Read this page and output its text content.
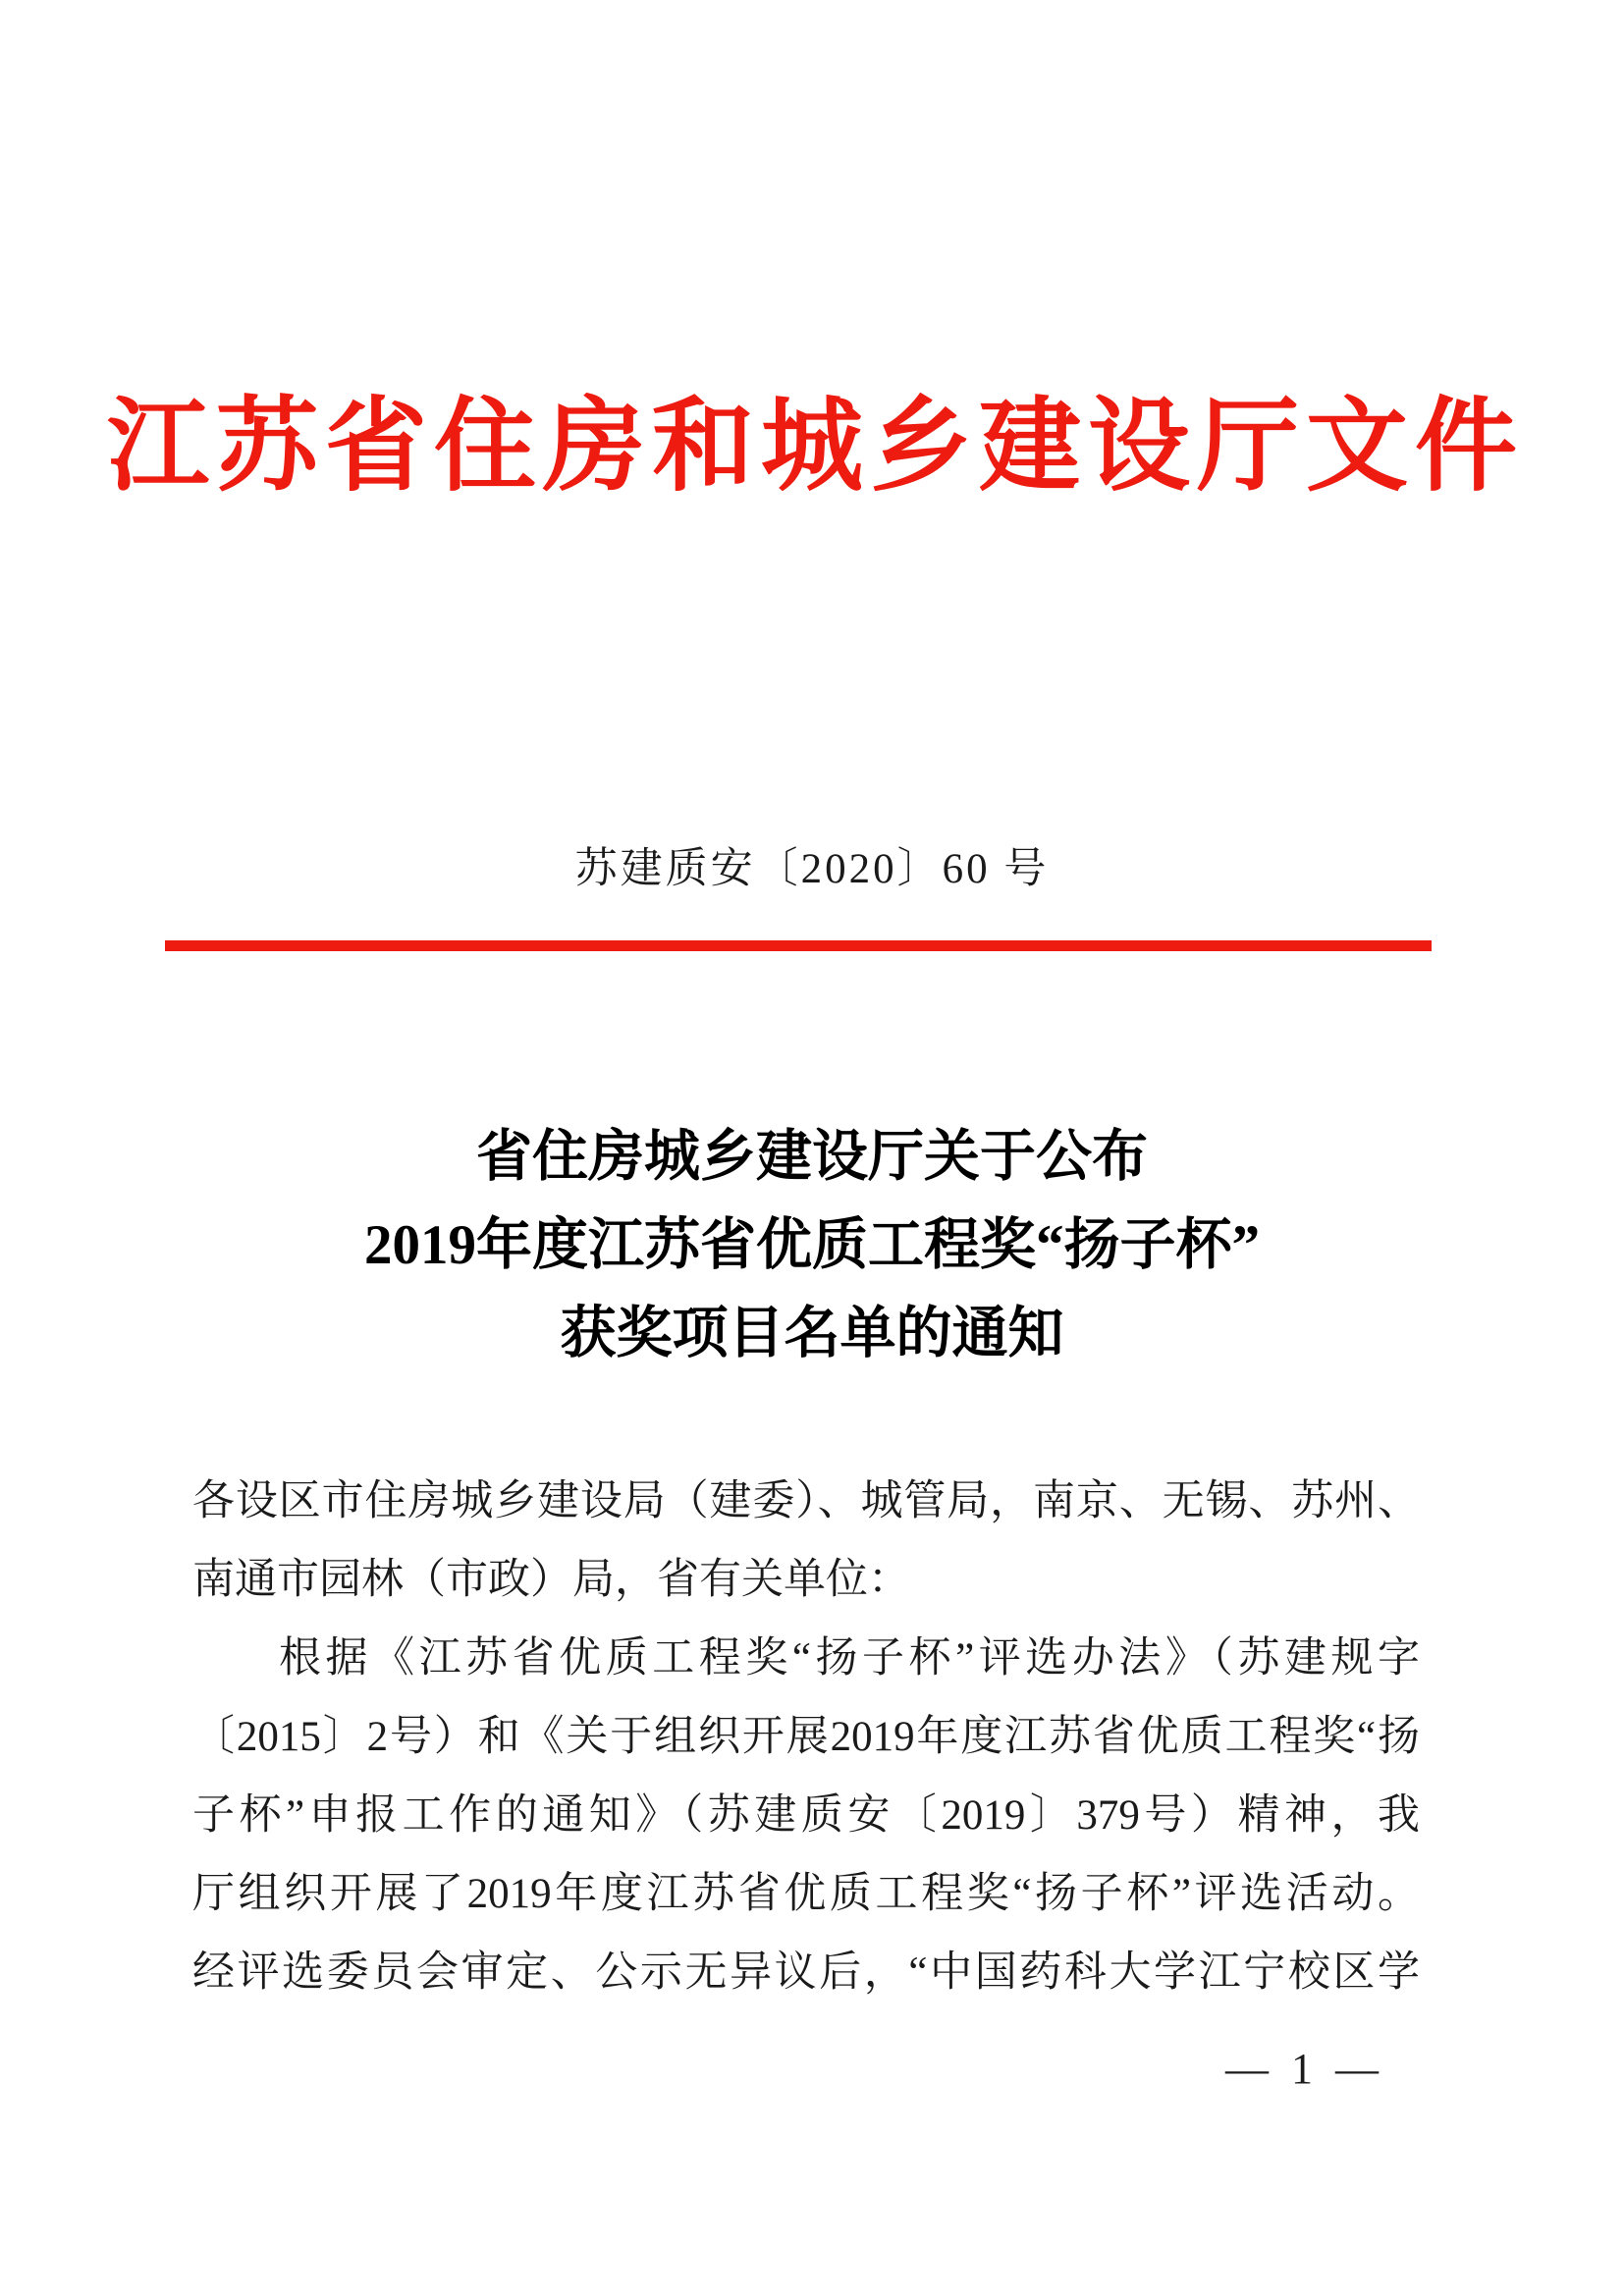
江苏省住房和城乡建设厅文件
苏建质安〔2020〕60 号
省住房城乡建设厅关于公布
2019年度江苏省优质工程奖“扬子杯”
获奖项目名单的通知
各设区市住房城乡建设局（建委）、城管局，南京、无锡、苏州、
南通市园林（市政）局，省有关单位：
根据《江苏省优质工程奖“扬子杯”评选办法》（苏建规字
〔2015〕2号）和《关于组织开展2019年度江苏省优质工程奖“扬
子杯”申报工作的通知》（苏建质安〔2019〕379号）精神，我
厅组织开展了2019年度江苏省优质工程奖“扬子杯”评选活动。
经评选委员会审定、公示无异议后，“中国药科大学江宁校区学
— 1 —
